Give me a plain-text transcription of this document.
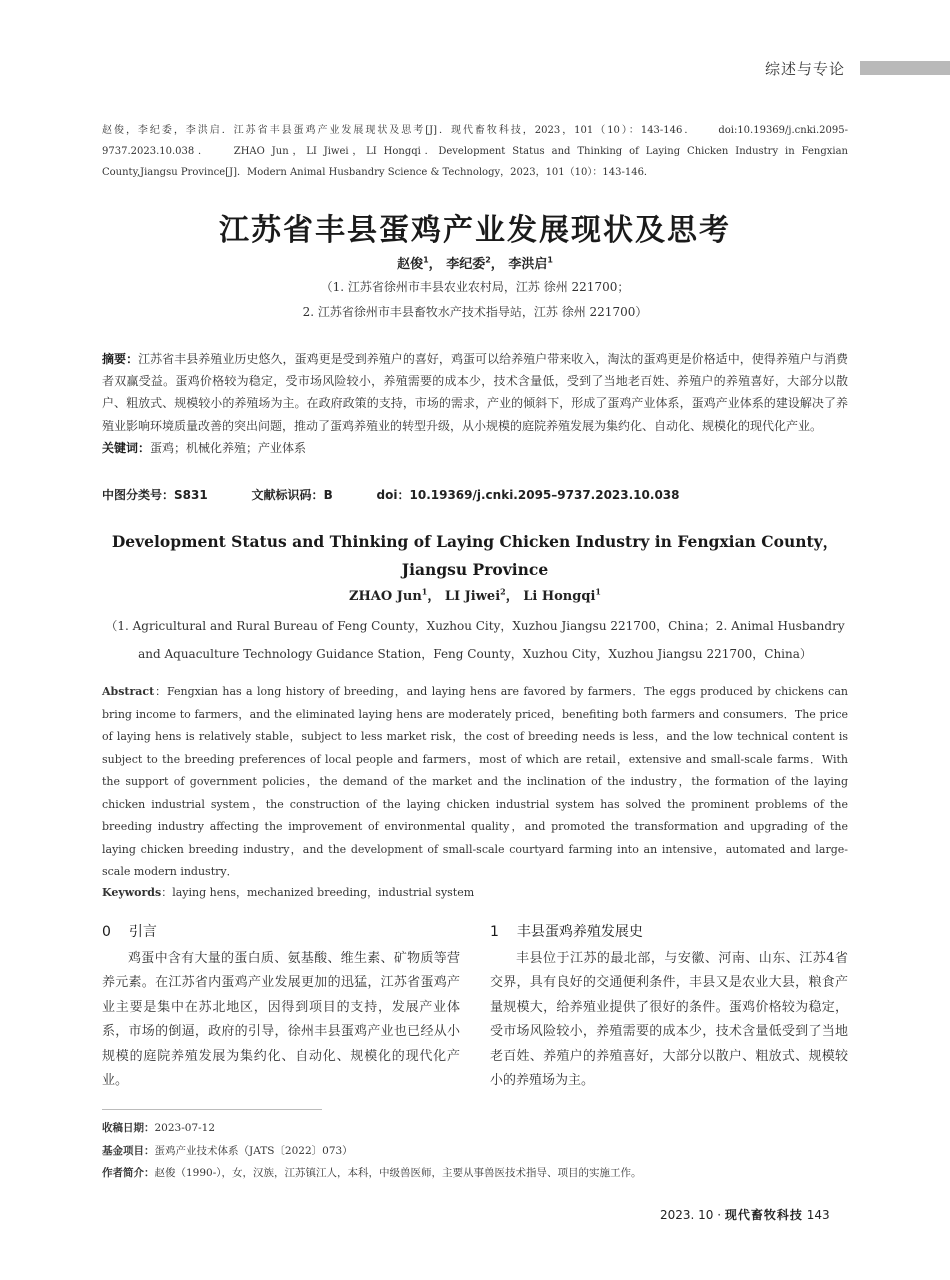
综述与专论
赵俊，李纪委，李洪启．江苏省丰县蛋鸡产业发展现状及思考[J]．现代畜牧科技，2023，101（10）：143-146． doi:10.19369/j.cnki.2095-9737.2023.10.038． ZHAO Jun，LI Jiwei，LI Hongqi．Development Status and Thinking of Laying Chicken Industry in Fengxian County,Jiangsu Province[J]．Modern Animal Husbandry Science & Technology，2023，101（10）：143-146．
江苏省丰县蛋鸡产业发展现状及思考
赵俊$^1$， 李纪委$^2$， 李洪启$^1$
（1. 江苏省徐州市丰县农业农村局，江苏 徐州 221700；
2. 江苏省徐州市丰县畜牧水产技术指导站，江苏 徐州 221700）
摘要：江苏省丰县养殖业历史悠久，蛋鸡更是受到养殖户的喜好，鸡蛋可以给养殖户带来收入，淘汰的蛋鸡更是价格适中，使得养殖户与消费者双赢受益。蛋鸡价格较为稳定，受市场风险较小，养殖需要的成本少，技术含量低，受到了当地老百姓、养殖户的养殖喜好，大部分以散户、粗放式、规模较小的养殖场为主。在政府政策的支持，市场的需求，产业的倾斜下，形成了蛋鸡产业体系，蛋鸡产业体系的建设解决了养殖业影响环境质量改善的突出问题，推动了蛋鸡养殖业的转型升级，从小规模的庭院养殖发展为集约化、自动化、规模化的现代化产业。
关键词：蛋鸡；机械化养殖；产业体系
中图分类号：S831	文献标识码：B	doi：10.19369/j.cnki.2095–9737.2023.10.038
Development Status and Thinking of Laying Chicken Industry in Fengxian County，Jiangsu Province
ZHAO Jun$^1$， LI Jiwei$^2$， Li Hongqi$^1$
（1. Agricultural and Rural Bureau of Feng County，Xuzhou City，Xuzhou Jiangsu 221700，China；2. Animal Husbandry and Aquaculture Technology Guidance Station，Feng County，Xuzhou City，Xuzhou Jiangsu 221700，China）
Abstract：Fengxian has a long history of breeding，and laying hens are favored by farmers．The eggs produced by chickens can bring income to farmers，and the eliminated laying hens are moderately priced，benefiting both farmers and consumers．The price of laying hens is relatively stable，subject to less market risk，the cost of breeding needs is less，and the low technical content is subject to the breeding preferences of local people and farmers，most of which are retail，extensive and small-scale farms．With the support of government policies，the demand of the market and the inclination of the industry，the formation of the laying chicken industrial system，the construction of the laying chicken industrial system has solved the prominent problems of the breeding industry affecting the improvement of environmental quality，and promoted the transformation and upgrading of the laying chicken breeding industry，and the development of small-scale courtyard farming into an intensive，automated and large-scale modern industry．
Keywords：laying hens，mechanized breeding，industrial system
0 引言

鸡蛋中含有大量的蛋白质、氨基酸、维生素、矿物质等营养元素。在江苏省内蛋鸡产业发展更加的迅猛，江苏省蛋鸡产业主要是集中在苏北地区，因得到项目的支持，发展产业体系，市场的倒逼，政府的引导，徐州丰县蛋鸡产业也已经从小规模的庭院养殖发展为集约化、自动化、规模化的现代化产业。

1 丰县蛋鸡养殖发展史

丰县位于江苏的最北部，与安徽、河南、山东、江苏4省交界，具有良好的交通便利条件，丰县又是农业大县，粮食产量规模大，给养殖业提供了很好的条件。蛋鸡价格较为稳定，受市场风险较小，养殖需要的成本少，技术含量低受到了当地老百姓、养殖户的养殖喜好，大部分以散户、粗放式、规模较小的养殖场为主。

收稿日期：2023-07-12
基金项目：蛋鸡产业技术体系（JATS〔2022〕073）
作者简介：赵俊（1990-），女，汉族，江苏镇江人，本科，中级兽医师，主要从事兽医技术指导、项目的实施工作。
2023. 10 · 现代畜牧科技 143
